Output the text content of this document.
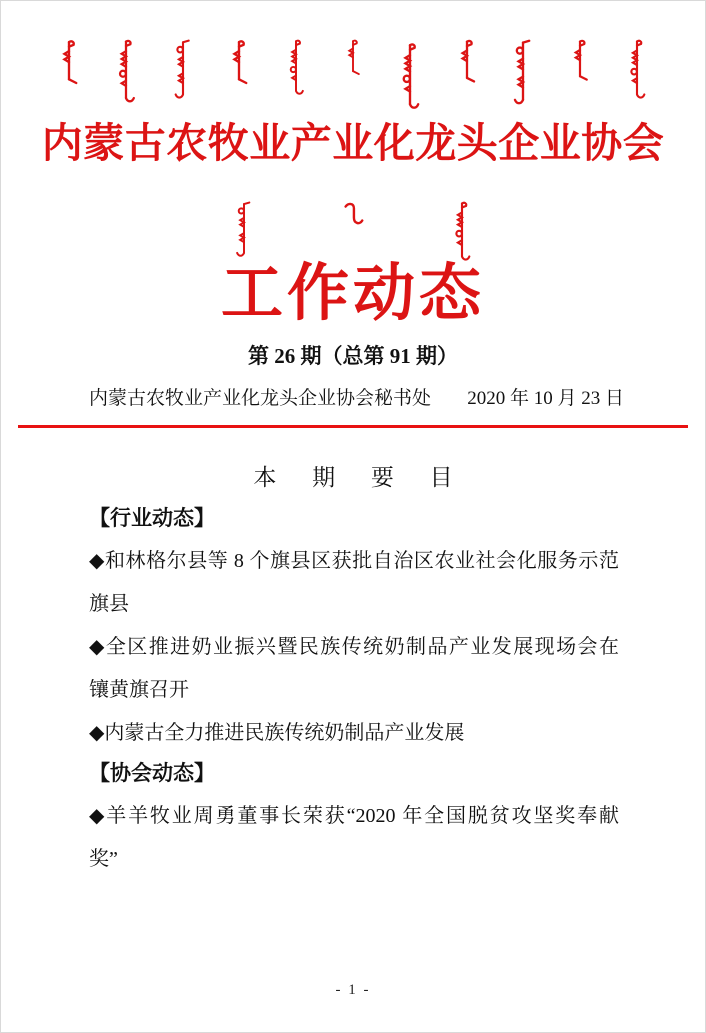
内蒙古农牧业产业化龙头企业协会
工作动态
第 26 期（总第 91 期）
内蒙古农牧业产业化龙头企业协会秘书处 2020 年 10 月 23 日
本 期 要 目
【行业动态】
◆和林格尔县等 8 个旗县区获批自治区农业社会化服务示范
旗县
◆全区推进奶业振兴暨民族传统奶制品产业发展现场会在
镶黄旗召开
◆内蒙古全力推进民族传统奶制品产业发展
【协会动态】
◆羊羊牧业周勇董事长荣获“2020 年全国脱贫攻坚奖奉献
奖”
- 1 -
